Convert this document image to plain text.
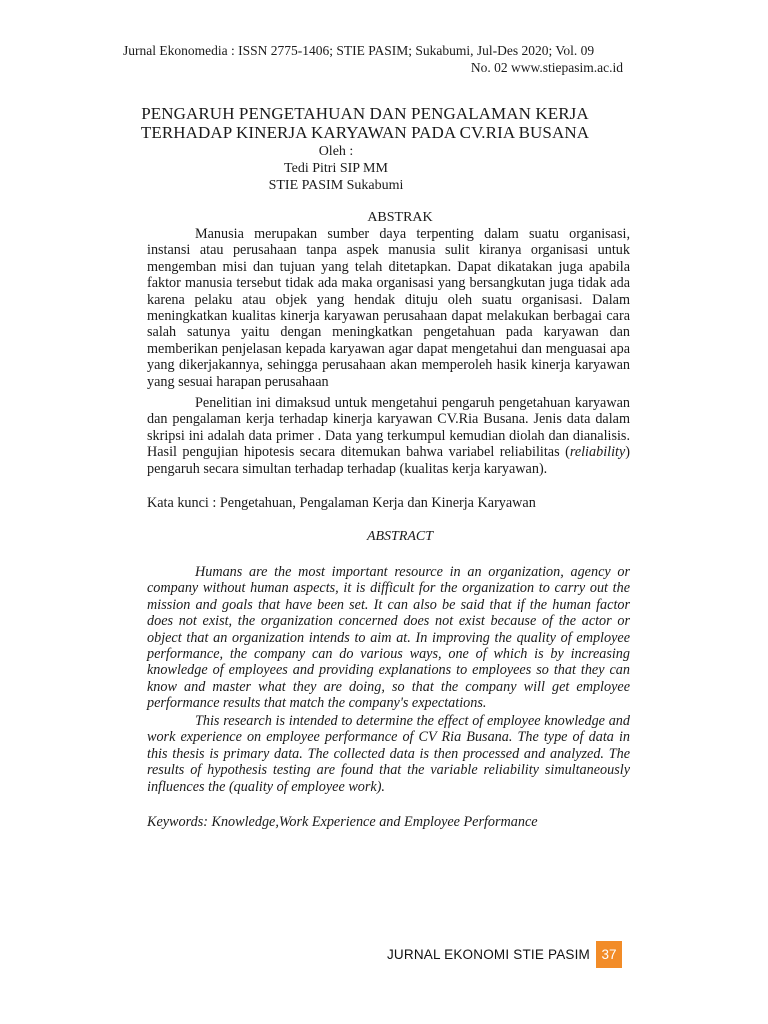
Jurnal Ekonomedia : ISSN 2775-1406; STIE PASIM; Sukabumi, Jul-Des 2020; Vol. 09
No. 02 www.stiepasim.ac.id
PENGARUH PENGETAHUAN DAN PENGALAMAN KERJA
TERHADAP KINERJA KARYAWAN PADA CV.RIA BUSANA
Oleh :
Tedi Pitri SIP MM
STIE PASIM Sukabumi
ABSTRAK

Manusia merupakan sumber daya terpenting dalam suatu organisasi, instansi atau perusahaan tanpa aspek manusia sulit kiranya organisasi untuk mengemban misi dan tujuan yang telah ditetapkan. Dapat dikatakan juga apabila faktor manusia tersebut tidak ada maka organisasi yang bersangkutan juga tidak ada karena pelaku atau objek yang hendak dituju oleh suatu organisasi. Dalam meningkatkan kualitas kinerja karyawan perusahaan dapat melakukan berbagai cara salah satunya yaitu dengan meningkatkan pengetahuan pada karyawan dan memberikan penjelasan kepada karyawan agar dapat mengetahui dan menguasai apa yang dikerjakannya, sehingga perusahaan akan memperoleh hasik kinerja karyawan yang sesuai harapan perusahaan

Penelitian ini dimaksud untuk mengetahui pengaruh pengetahuan karyawan dan pengalaman kerja terhadap kinerja karyawan CV.Ria Busana. Jenis data dalam skripsi ini adalah data primer . Data yang terkumpul kemudian diolah dan dianalisis. Hasil pengujian hipotesis secara ditemukan bahwa variabel reliabilitas (reliability) pengaruh secara simultan terhadap terhadap (kualitas kerja karyawan).

Kata kunci : Pengetahuan, Pengalaman Kerja dan Kinerja Karyawan
ABSTRACT

Humans are the most important resource in an organization, agency or company without human aspects, it is difficult for the organization to carry out the mission and goals that have been set. It can also be said that if the human factor does not exist, the organization concerned does not exist because of the actor or object that an organization intends to aim at. In improving the quality of employee performance, the company can do various ways, one of which is by increasing knowledge of employees and providing explanations to employees so that they can know and master what they are doing, so that the company will get employee performance results that match the company's expectations.

This research is intended to determine the effect of employee knowledge and work experience on employee performance of CV Ria Busana. The type of data in this thesis is primary data. The collected data is then processed and analyzed. The results of hypothesis testing are found that the variable reliability simultaneously influences the (quality of employee work).

Keywords: Knowledge,Work Experience and Employee Performance
JURNAL EKONOMI STIE PASIM 37
